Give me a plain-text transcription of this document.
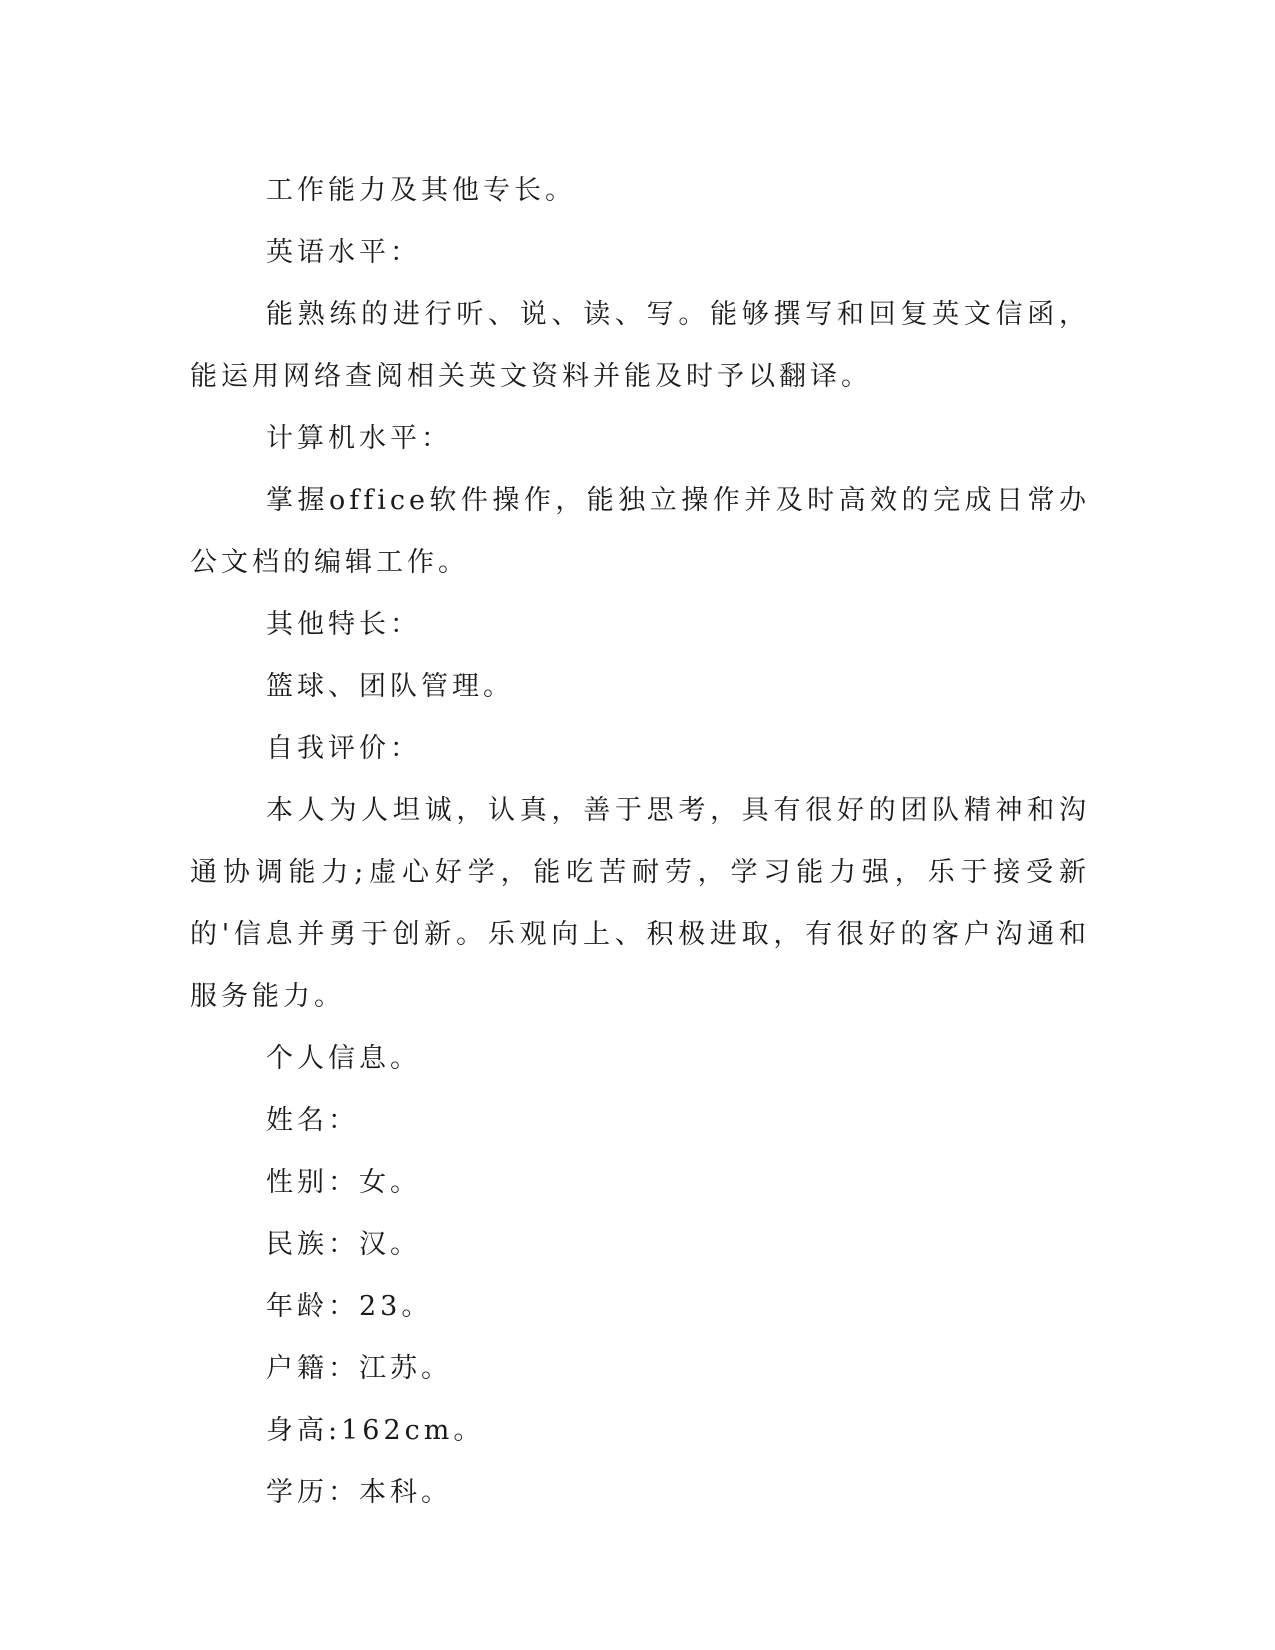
工作能力及其他专长。

英语水平：

能熟练的进行听、说、读、写。能够撰写和回复英文信函，能运用网络查阅相关英文资料并能及时予以翻译。

计算机水平：

掌握office软件操作，能独立操作并及时高效的完成日常办公文档的编辑工作。

其他特长：

篮球、团队管理。

自我评价：

本人为人坦诚，认真，善于思考，具有很好的团队精神和沟通协调能力;虚心好学，能吃苦耐劳，学习能力强，乐于接受新的'信息并勇于创新。乐观向上、积极进取，有很好的客户沟通和服务能力。

个人信息。

姓名：

性别：女。

民族：汉。

年龄：23。

户籍：江苏。

身高:162cm。

学历：本科。
